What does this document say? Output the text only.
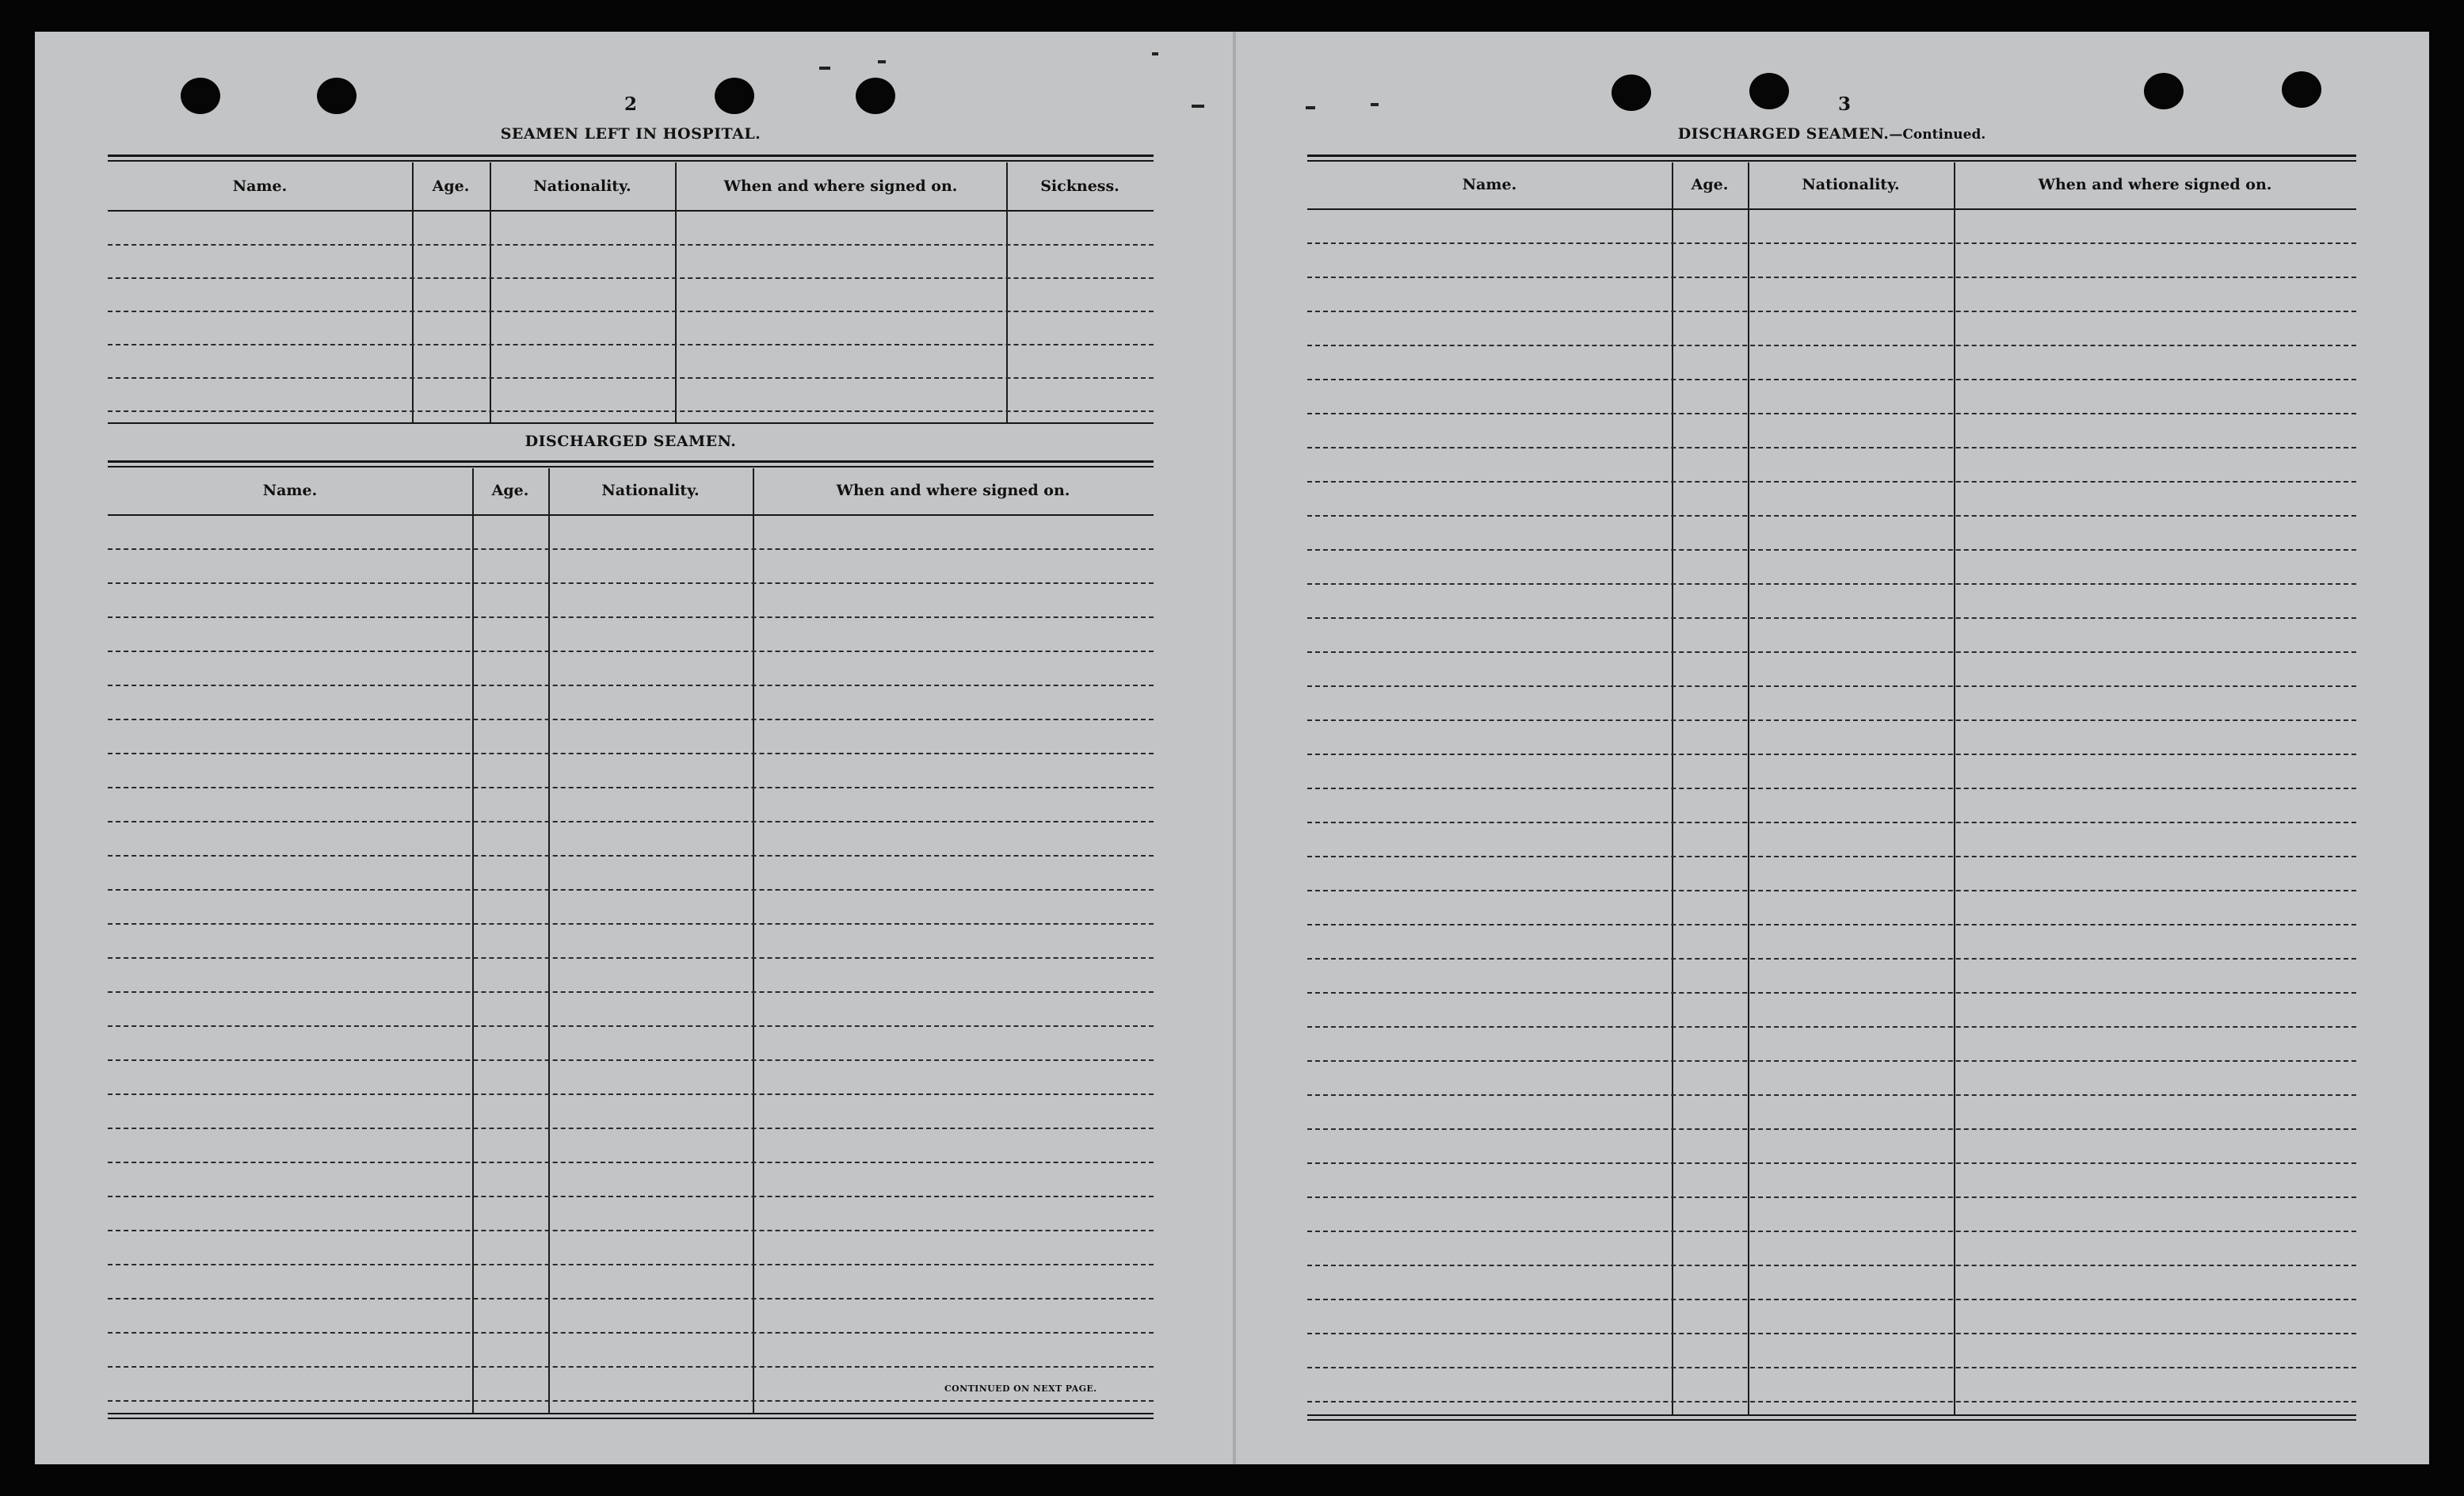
2	3
SEAMEN LEFT IN HOSPITAL.
Name.	Age.	Nationality.	When and where signed on.	Sickness.
DISCHARGED SEAMEN.
Name.	Age.	Nationality.	When and where signed on.
CONTINUED ON NEXT PAGE.
DISCHARGED SEAMEN.—Continued.
Name.	Age.	Nationality.	When and where signed on.
